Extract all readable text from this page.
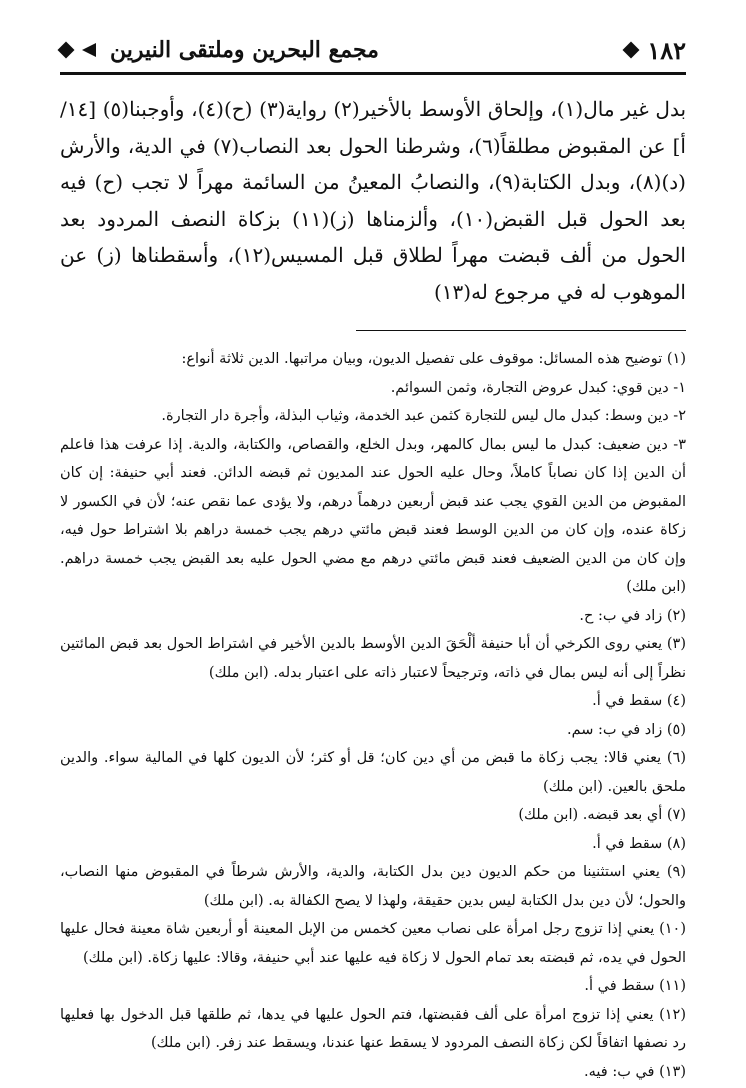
١٨٢
مجمع البحرين وملتقى النيرين

بدل غير مال(١)، وإلحاق الأوسط بالأخير(٢) رواية(٣) (ح)(٤)، وأوجبنا(٥) [١٤/أ] عن المقبوض مطلقاً(٦)، وشرطنا الحول بعد النصاب(٧) في الدية، والأرش (د)(٨)، وبدل الكتابة(٩)، والنصابُ المعينُ من السائمة مهراً لا تجب (ح) فيه بعد الحول قبل القبض(١٠)، وألزمناها (ز)(١١) بزكاة النصف المردود بعد الحول من ألف قبضت مهراً لطلاق قبل المسيس(١٢)، وأسقطناها (ز) عن الموهوب له في مرجوع له(١٣)

(١) توضيح هذه المسائل: موقوف على تفصيل الديون، وبيان مراتبها. الدين ثلاثة أنواع:

١- دين قوي: كبدل عروض التجارة، وثمن السوائم.

٢- دين وسط: كبدل مال ليس للتجارة كثمن عبد الخدمة، وثياب البذلة، وأجرة دار التجارة.

٣- دين ضعيف: كبدل ما ليس بمال كالمهر، وبدل الخلع، والقصاص، والكتابة، والدية. إذا عرفت هذا فاعلم أن الدين إذا كان نصاباً كاملاً، وحال عليه الحول عند المديون ثم قبضه الدائن. فعند أبي حنيفة: إن كان المقبوض من الدين القوي يجب عند قبض أربعين درهماً درهم، ولا يؤدى عما نقص عنه؛ لأن في الكسور لا زكاة عنده، وإن كان من الدين الوسط فعند قبض مائتي درهم يجب خمسة دراهم بلا اشتراط حول فيه، وإن كان من الدين الضعيف فعند قبض مائتي درهم مع مضي الحول عليه بعد القبض يجب خمسة دراهم. (ابن ملك)

(٢) زاد في ب: ح.

(٣) يعني روى الكرخي أن أبا حنيفة ألْحَقَ الدين الأوسط بالدين الأخير في اشتراط الحول بعد قبض المائتين نظراً إلى أنه ليس بمال في ذاته، وترجيحاً لاعتبار ذاته على اعتبار بدله. (ابن ملك)

(٤) سقط في أ.

(٥) زاد في ب: سم.

(٦) يعني قالا: يجب زكاة ما قبض من أي دين كان؛ قل أو كثر؛ لأن الديون كلها في المالية سواء. والدين ملحق بالعين. (ابن ملك)

(٧) أي بعد قبضه. (ابن ملك)

(٨) سقط في أ.

(٩) يعني استثنينا من حكم الديون دين بدل الكتابة، والدية، والأرش شرطاً في المقبوض منها النصاب، والحول؛ لأن دين بدل الكتابة ليس بدين حقيقة، ولهذا لا يصح الكفالة به. (ابن ملك)

(١٠) يعني إذا تزوج رجل امرأة على نصاب معين كخمس من الإبل المعينة أو أربعين شاة معينة فحال عليها الحول في يده، ثم قبضته بعد تمام الحول لا زكاة فيه عليها عند أبي حنيفة، وقالا: عليها زكاة. (ابن ملك)

(١١) سقط في أ.

(١٢) يعني إذا تزوج امرأة على ألف فقبضتها، فتم الحول عليها في يدها، ثم طلقها قبل الدخول بها فعليها رد نصفها اتفاقاً لكن زكاة النصف المردود لا يسقط عنها عندنا، ويسقط عند زفر. (ابن ملك)

(١٣) في ب: فيه.
